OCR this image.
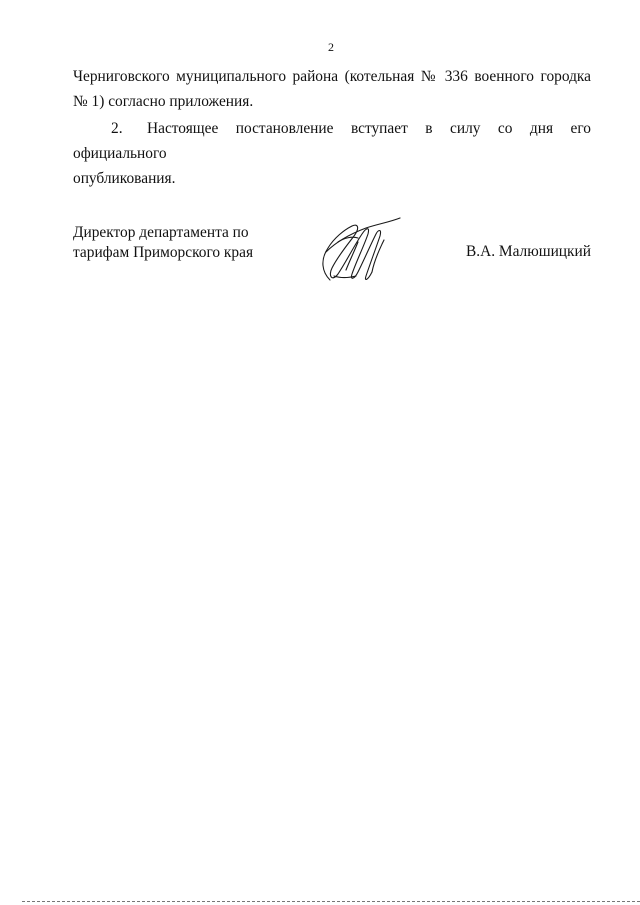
2
Черниговского муниципального района (котельная № 336 военного городка
№ 1) согласно приложения.
2. Настоящее постановление вступает в силу со дня его официального
опубликования.
Директор департамента по
тарифам Приморского края	В.А. Малюшицкий
